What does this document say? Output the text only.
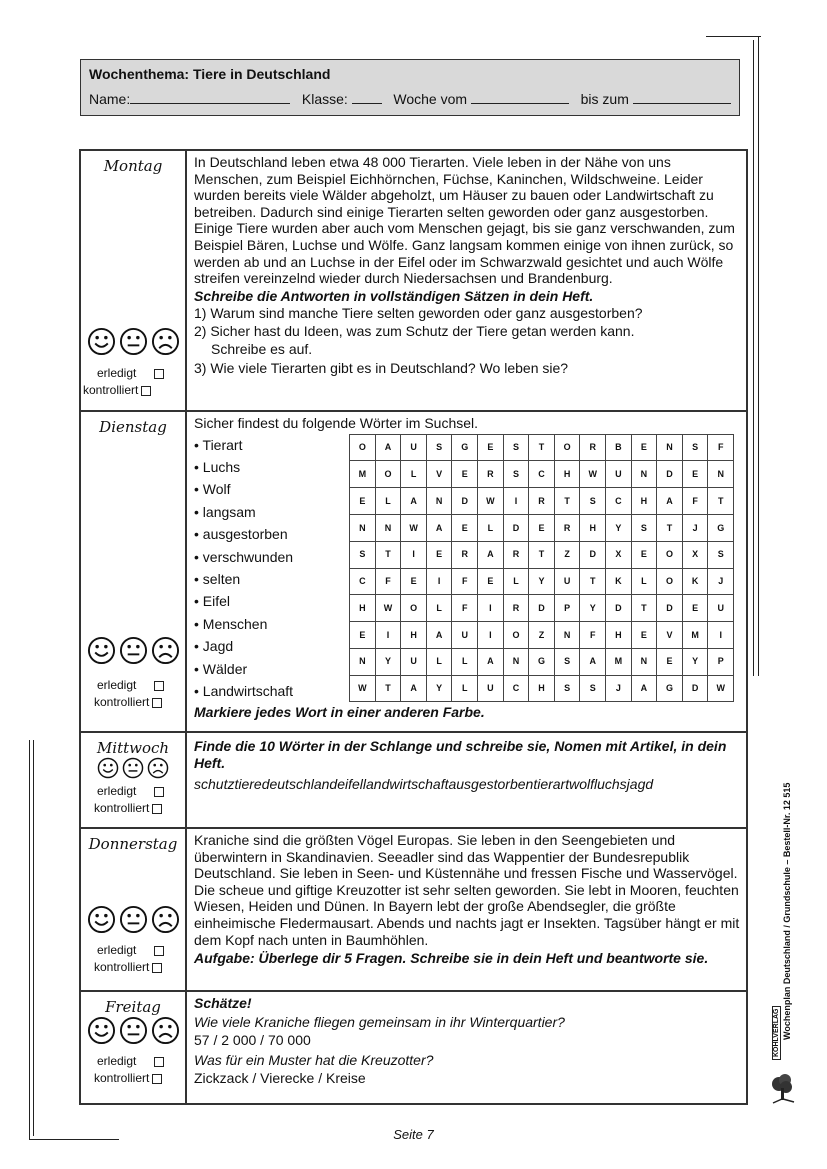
Wochenthema: Tiere in Deutschland
Name:	Klasse:	Woche vom	bis zum
Montag
erledigt
kontrolliert

In Deutschland leben etwa 48 000 Tierarten. Viele leben in der Nähe von uns Menschen, zum Beispiel Eichhörnchen, Füchse, Kaninchen, Wildschweine. Leider wurden bereits viele Wälder abgeholzt, um Häuser zu bauen oder Landwirtschaft zu betreiben. Dadurch sind einige Tierarten selten geworden oder ganz ausgestorben. Einige Tiere wurden aber auch vom Menschen gejagt, bis sie ganz verschwanden, zum Beispiel Bären, Luchse und Wölfe. Ganz langsam kommen einige von ihnen zurück, so werden ab und an Luchse in der Eifel oder im Schwarzwald gesichtet und auch Wölfe streifen vereinzelnd wieder durch Niedersachsen und Brandenburg.
Schreibe die Antworten in vollständigen Sätzen in dein Heft.
1) Warum sind manche Tiere selten geworden oder ganz ausgestorben?
2) Sicher hast du Ideen, was zum Schutz der Tiere getan werden kann.
Schreibe es auf.
3) Wie viele Tierarten gibt es in Deutschland? Wo leben sie?

Dienstag
erledigt
kontrolliert

Sicher findest du folgende Wörter im Suchsel.
• Tierart
• Luchs
• Wolf
• langsam
• ausgestorben
• verschwunden
• selten
• Eifel
• Menschen
• Jagd
• Wälder
• Landwirtschaft
O	A	U	S	G	E	S	T	O	R	B	E	N	S	F
M	O	L	V	E	R	S	C	H	W	U	N	D	E	N
E	L	A	N	D	W	I	R	T	S	C	H	A	F	T
N	N	W	A	E	L	D	E	R	H	Y	S	T	J	G
S	T	I	E	R	A	R	T	Z	D	X	E	O	X	S
C	F	E	I	F	E	L	Y	U	T	K	L	O	K	J
H	W	O	L	F	I	R	D	P	Y	D	T	D	E	U
E	I	H	A	U	I	O	Z	N	F	H	E	V	M	I
N	Y	U	L	L	A	N	G	S	A	M	N	E	Y	P
W	T	A	Y	L	U	C	H	S	S	J	A	G	D	W
Markiere jedes Wort in einer anderen Farbe.

Mittwoch
erledigt
kontrolliert

Finde die 10 Wörter in der Schlange und schreibe sie, Nomen mit Artikel, in dein Heft.
schutztieredeutschlandeifellandwirtschaftausgestorbentierartwolfluchsjagd

Donnerstag
erledigt
kontrolliert

Kraniche sind die größten Vögel Europas. Sie leben in den Seengebieten und überwintern in Skandinavien. Seeadler sind das Wappentier der Bundesrepublik Deutschland. Sie leben in Seen- und Küstennähe und fressen Fische und Wasservögel. Die scheue und giftige Kreuzotter ist sehr selten geworden. Sie lebt in Mooren, feuchten Wiesen, Heiden und Dünen. In Bayern lebt der große Abendsegler, die größte einheimische Fledermausart. Abends und nachts jagt er Insekten. Tagsüber hängt er mit dem Kopf nach unten in Baumhöhlen.
Aufgabe: Überlege dir 5 Fragen. Schreibe sie in dein Heft und beantworte sie.

Freitag
erledigt
kontrolliert

Schätze!
Wie viele Kraniche fliegen gemeinsam in ihr Winterquartier?
57 / 2 000 / 70 000
Was für ein Muster hat die Kreuzotter?
Zickzack / Vierecke / Kreise
Seite 7
Wochenplan Deutschland / Grundschule – Bestell-Nr. 12 515
KOHLVERLAG
